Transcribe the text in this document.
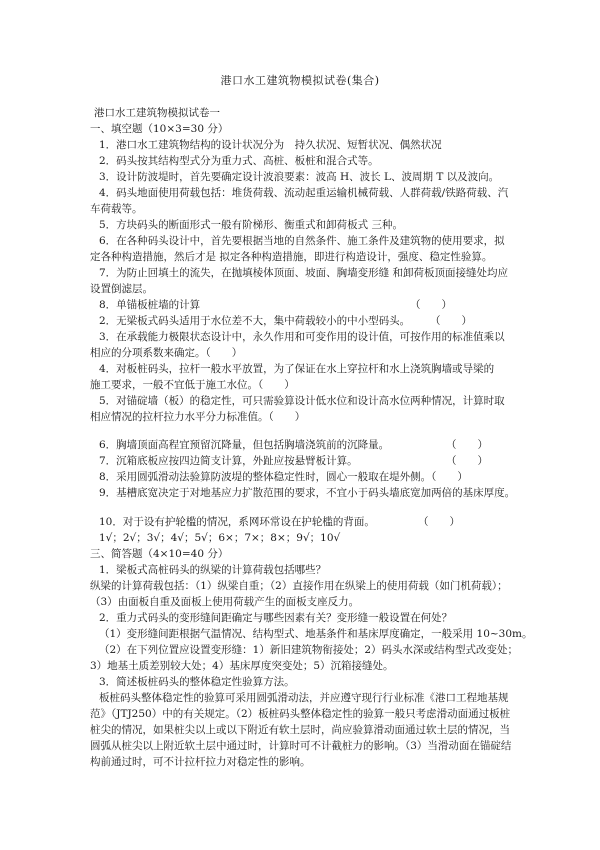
港口水工建筑物模拟试卷(集合)
港口水工建筑物模拟试卷一
一、填空题（10×3=30 分）
1．港口水工建筑物结构的设计状况分为　持久状况、短暂状况、偶然状况
2．码头按其结构型式分为重力式、高桩、板桩和混合式等。
3．设计防波堤时，首先要确定设计波浪要素：波高 H、波长 L、波周期 T 以及波向。
4．码头地面使用荷载包括：堆货荷载、流动起重运输机械荷载、人群荷载/铁路荷载、汽
车荷载等。
5．方块码头的断面形式一般有阶梯形、衡重式和卸荷板式 三种。
6．在各种码头设计中，首先要根据当地的自然条件、施工条件及建筑物的使用要求，拟
定各种构造措施，然后才是 拟定各种构造措施，即进行构造设计，强度、稳定性验算。
7．为防止回填土的流失，在抛填棱体顶面、坡面、胸墙变形缝 和卸荷板顶面接缝处均应
设置倒滤层。
8．单锚板桩墙的计算	（　　）
2．无梁板式码头适用于水位差不大，集中荷载较小的中小型码头。	（　　）
3．在承载能力极限状态设计中，永久作用和可变作用的设计值，可按作用的标准值乘以
相应的分项系数来确定。（　　）
4．对板桩码头，拉杆一般水平放置，为了保证在水上穿拉杆和水上浇筑胸墙或导梁的
施工要求，一般不宜低于施工水位。（　　）
5．对锚碇墙（板）的稳定性，可只需验算设计低水位和设计高水位两种情况，计算时取
相应情况的拉杆拉力水平分力标准值。（　　）
6．胸墙顶面高程宜预留沉降量，但包括胸墙浇筑前的沉降量。	（　　）
7．沉箱底板应按四边简支计算，外趾应按悬臂板计算。	（　　）
8．采用圆弧滑动法验算防波堤的整体稳定性时，圆心一般取在堤外侧。（　　）
9．基槽底宽决定于对地基应力扩散范围的要求，不宜小于码头墙底宽加两倍的基床厚度。
10．对于设有护轮槛的情况，系网环常设在护轮槛的背面。	（　　）
1√；2√；3√；4√；5√；6×；7×；8×；9√；10√
三、简答题（4×10=40 分）
1．梁板式高桩码头的纵梁的计算荷载包括哪些？
纵梁的计算荷载包括：（1）纵梁自重；（2）直接作用在纵梁上的使用荷载（如门机荷载）；
（3）由面板自重及面板上使用荷载产生的面板支座反力。
2．重力式码头的变形缝间距确定与哪些因素有关？变形缝一般设置在何处？
（1）变形缝间距根据气温情况、结构型式、地基条件和基床厚度确定，一般采用 10~30m。
（2）在下列位置应设置变形缝：1）新旧建筑物衔接处；2）码头水深或结构型式改变处；
3）地基土质差别较大处；4）基床厚度突变处；5）沉箱接缝处。
3．简述板桩码头的整体稳定性验算方法。
板桩码头整体稳定性的验算可采用圆弧滑动法，并应遵守现行行业标准《港口工程地基规
范》（JTJ250）中的有关规定。（2）板桩码头整体稳定性的验算一般只考虑滑动面通过板桩
桩尖的情况，如果桩尖以上或以下附近有软土层时，尚应验算滑动面通过软土层的情况，当
圆弧从桩尖以上附近软土层中通过时，计算时可不计截桩力的影响。（3）当滑动面在锚碇结
构前通过时，可不计拉杆拉力对稳定性的影响。
